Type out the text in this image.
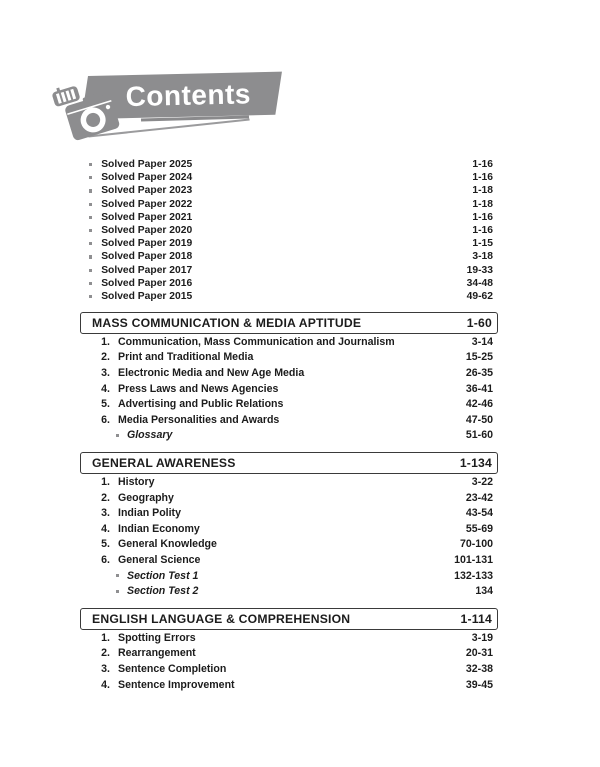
Contents
Solved Paper 2025	1-16
Solved Paper 2024	1-16
Solved Paper 2023	1-18
Solved Paper 2022	1-18
Solved Paper 2021	1-16
Solved Paper 2020	1-16
Solved Paper 2019	1-15
Solved Paper 2018	3-18
Solved Paper 2017	19-33
Solved Paper 2016	34-48
Solved Paper 2015	49-62
MASS COMMUNICATION & MEDIA APTITUDE	1-60
1. Communication, Mass Communication and Journalism	3-14
2. Print and Traditional Media	15-25
3. Electronic Media and New Age Media	26-35
4. Press Laws and News Agencies	36-41
5. Advertising and Public Relations	42-46
6. Media Personalities and Awards	47-50
Glossary	51-60
GENERAL AWARENESS	1-134
1. History	3-22
2. Geography	23-42
3. Indian Polity	43-54
4. Indian Economy	55-69
5. General Knowledge	70-100
6. General Science	101-131
Section Test 1	132-133
Section Test 2	134
ENGLISH LANGUAGE & COMPREHENSION	1-114
1. Spotting Errors	3-19
2. Rearrangement	20-31
3. Sentence Completion	32-38
4. Sentence Improvement	39-45
